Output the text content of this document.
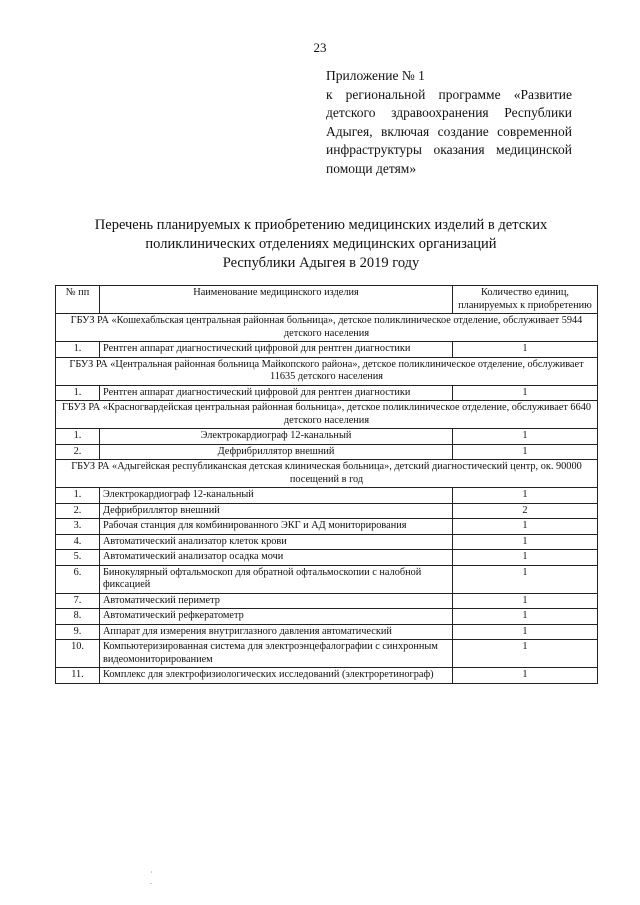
23
Приложение № 1
к региональной программе «Развитие детского здравоохранения Республики Адыгея, включая создание современной инфраструктуры оказания медицинской помощи детям»
Перечень планируемых к приобретению медицинских изделий в детских
поликлинических отделениях медицинских организаций
Республики Адыгея в 2019 году
№ пп	Наименование медицинского изделия	Количество единиц, планируемых к приобретению
ГБУЗ РА «Кошехабльская центральная районная больница», детское поликлиническое отделение, обслуживает 5944 детского населения		
1.	Рентген аппарат диагностический цифровой для рентген диагностики	1
ГБУЗ РА «Центральная районная больница Майкопского района», детское поликлиническое отделение, обслуживает 11635 детского населения		
1.	Рентген аппарат диагностический цифровой для рентген диагностики	1
ГБУЗ РА «Красногвардейская центральная районная больница», детское поликлиническое отделение, обслуживает 6640 детского населения		
1.	Электрокардиограф 12-канальный	1
2.	Дефрибриллятор внешний	1
ГБУЗ РА «Адыгейская республиканская детская клиническая больница», детский диагностический центр, ок. 90000 посещений в год		
1.	Электрокардиограф 12-канальный	1
2.	Дефрибриллятор внешний	2
3.	Рабочая станция для комбинированного ЭКГ и АД мониторирования	1
4.	Автоматический анализатор клеток крови	1
5.	Автоматический анализатор осадка мочи	1
6.	Бинокулярный офтальмоскоп для обратной офтальмоскопии с налобной фиксацией	1
7.	Автоматический периметр	1
8.	Автоматический рефкератометр	1
9.	Аппарат для измерения внутриглазного давления автоматический	1
10.	Компьютеризированная система для электроэнцефалографии с синхронным видеомониторированием	1
11.	Комплекс для электрофизиологических исследований (электроретинограф)	1
· .
